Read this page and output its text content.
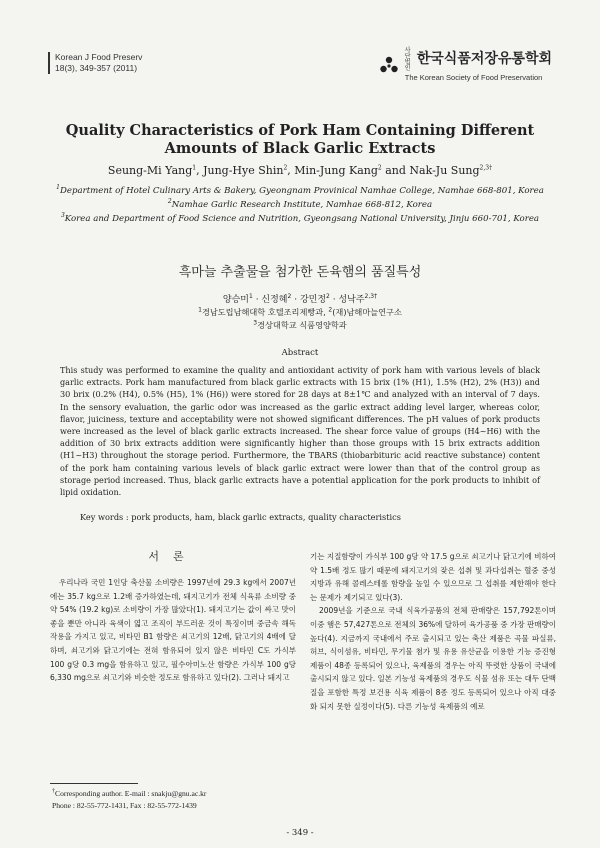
Korean J Food Preserv
18(3), 349-357 (2011)
사단 법인한국식품저장유통학회
The Korean Society of Food Preservation
Quality Characteristics of Pork Ham Containing Different Amounts of Black Garlic Extracts
Seung-Mi Yang$^1$, Jung-Hye Shin$^2$, Min-Jung Kang$^2$ and Nak-Ju Sung$^{2,3\dagger}$
$^1$Department of Hotel Culinary Arts & Bakery, Gyeongnam Provinical Namhae College, Namhae 668-801, Korea
$^2$Namhae Garlic Research Institute, Namhae 668-812, Korea
$^3$Korea and Department of Food Science and Nutrition, Gyeongsang National University, Jinju 660-701, Korea
흑마늘 추출물을 첨가한 돈육햄의 품질특성
양승미$^1$ · 신정혜$^2$ · 강민정$^2$ · 성낙주$^{2,3\dagger}$
$^1$경남도립남해대학 호텔조리제빵과, $^2$(재)남해마늘연구소
$^3$경상대학교 식품영양학과
Abstract
This study was performed to examine the quality and antioxidant activity of pork ham with various levels of black garlic extracts. Pork ham manufactured from black garlic extracts with 15 brix (1% (H1), 1.5% (H2), 2% (H3)) and 30 brix (0.2% (H4), 0.5% (H5), 1% (H6)) were stored for 28 days at 8±1℃ and analyzed with an interval of 7 days. In the sensory evaluation, the garlic odor was increased as the garlic extract adding level larger, whereas color, flavor, juiciness, texture and acceptability were not showed significant differences. The pH values of pork products were increased as the level of black garlic extracts increased. The shear force value of groups (H4~H6) with the addition of 30 brix extracts addition were significantly higher than those groups with 15 brix extracts addition (H1~H3) throughout the storage period. Furthermore, the TBARS (thiobarbituric acid reactive substance) content of the pork ham containing various levels of black garlic extract were lower than that of the control group as storage period increased. Thus, black garlic extracts have a potential application for the pork products to inhibit of lipid oxidation.
Key words : pork products, ham, black garlic extracts, quality characteristics
서론

우리나라 국민 1인당 축산물 소비량은 1997년에 29.3 kg에서 2007년에는 35.7 kg으로 1.2배 증가하였는데, 돼지고기가 전체 식육류 소비량 중 약 54% (19.2 kg)로 소비량이 가장 많았다(1). 돼지고기는 값이 싸고 맛이 좋을 뿐만 아니라 육색이 엷고 조직이 부드러운 것이 특징이며 중금속 해독작용을 가지고 있고, 비타민 B1 함량은 쇠고기의 12배, 닭고기의 4배에 달하며, 쇠고기와 닭고기에는 전혀 함유되어 있지 않은 비타민 C도 가식부 100 g당 0.3 mg을 함유하고 있고, 필수아미노산 함량은 가식부 100 g당 6,330 mg으로 쇠고기와 비슷한 정도로 함유하고 있다(2). 그러나 돼지고

기는 지질함량이 가식부 100 g당 약 17.5 g으로 쇠고기나 닭고기에 비하여 약 1.5배 정도 많기 때문에 돼지고기의 잦은 섭취 및 과다섭취는 혈중 중성 지방과 유해 콜레스테롤 함량을 높일 수 있으므로 그 섭취를 제한해야 한다는 문제가 제기되고 있다(3).

2009년을 기준으로 국내 식육가공품의 전체 판매량은 157,792톤이며 이중 햄은 57,427톤으로 전체의 36%에 달하여 육가공품 중 가장 판매량이 높다(4). 지금까지 국내에서 주로 출시되고 있는 축산 제품은 곡물 파실류, 허브, 식이섬유, 비타민, 무기물 첨가 및 유용 유산균을 이용한 기능 증진형 제품이 48종 등록되어 있으나, 육제품의 경우는 아직 뚜렷한 상품이 국내에 출시되지 않고 있다. 일본 기능성 육제품의 경우도 식물 섬유 또는 대두 단백질을 포함한 특정 보건용 식육 제품이 8종 정도 등록되어 있으나 아직 대중화 되지 못한 실정이다(5). 다른 기능성 육제품의 예로

†Corresponding author. E-mail : snakju@gnu.ac.kr
Phone : 82-55-772-1431, Fax : 82-55-772-1439
- 349 -
